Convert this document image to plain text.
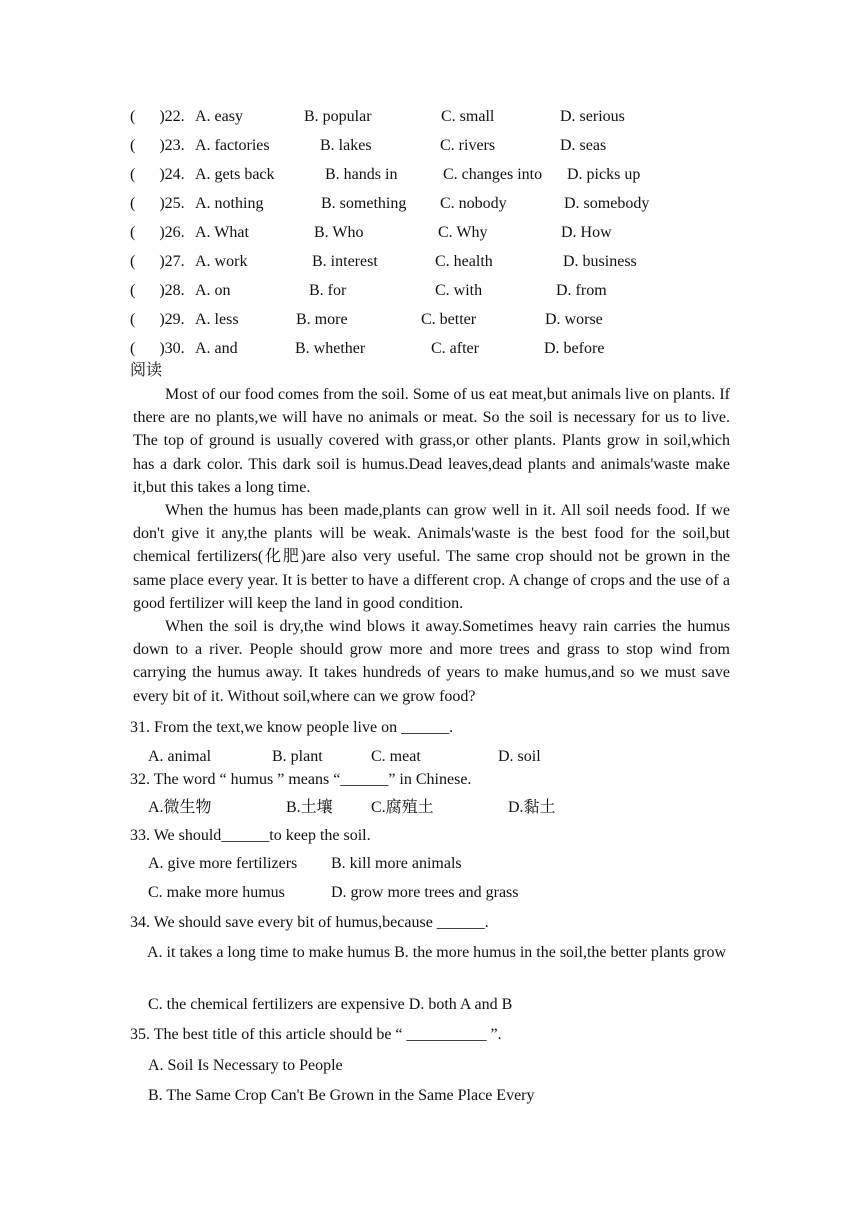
(      )22. A. easy	B. popular	C. small	D. serious
(      )23. A. factories	B. lakes	C. rivers	D. seas
(      )24. A. gets back	B. hands in	C. changes into D. picks up
(      )25. A. nothing	B. something C. nobody	D. somebody
(      )26. A. What	B. Who	C. Why	D. How
(      )27. A. work	B. interest	C. health	D. business
(      )28. A. on	B. for	C. with	D. from
(      )29. A. less	B. more	C. better	D. worse
(      )30. A. and	B. whether	C. after	D. before
阅读

Most of our food comes from the soil. Some of us eat meat,but animals live on plants. If there are no plants,we will have no animals or meat. So the soil is necessary for us to live. The top of ground is usually covered with grass,or other plants. Plants grow in soil,which has a dark color. This dark soil is humus.Dead leaves,dead plants and animals'waste make it,but this takes a long time.

When the humus has been made,plants can grow well in it. All soil needs food. If we don't give it any,the plants will be weak. Animals'waste is the best food for the soil,but chemical fertilizers(化肥)are also very useful. The same crop should not be grown in the same place every year. It is better to have a different crop. A change of crops and the use of a good fertilizer will keep the land in good condition.

When the soil is dry,the wind blows it away.Sometimes heavy rain carries the humus down to a river. People should grow more and more trees and grass to stop wind from carrying the humus away. It takes hundreds of years to make humus,and so we must save every bit of it. Without soil,where can we grow food?

31. From the text,we know people live on ______.
A. animal	B. plant	C. meat	D. soil
32. The word “ humus ” means “______” in Chinese.
A.微生物	B.土壤 C.腐殖土	D.黏土
33. We should______to keep the soil.
A. give more fertilizers B. kill more animals
C. make more humus	D. grow more trees and grass
34. We should save every bit of humus,because ______.
A. it takes a long time to make humus B. the more humus in the soil,the better plants grow
C. the chemical fertilizers are expensive D. both A and B
35. The best title of this article should be “ __________ ”.
A. Soil Is Necessary to People
B. The Same Crop Can't Be Grown in the Same Place Every
